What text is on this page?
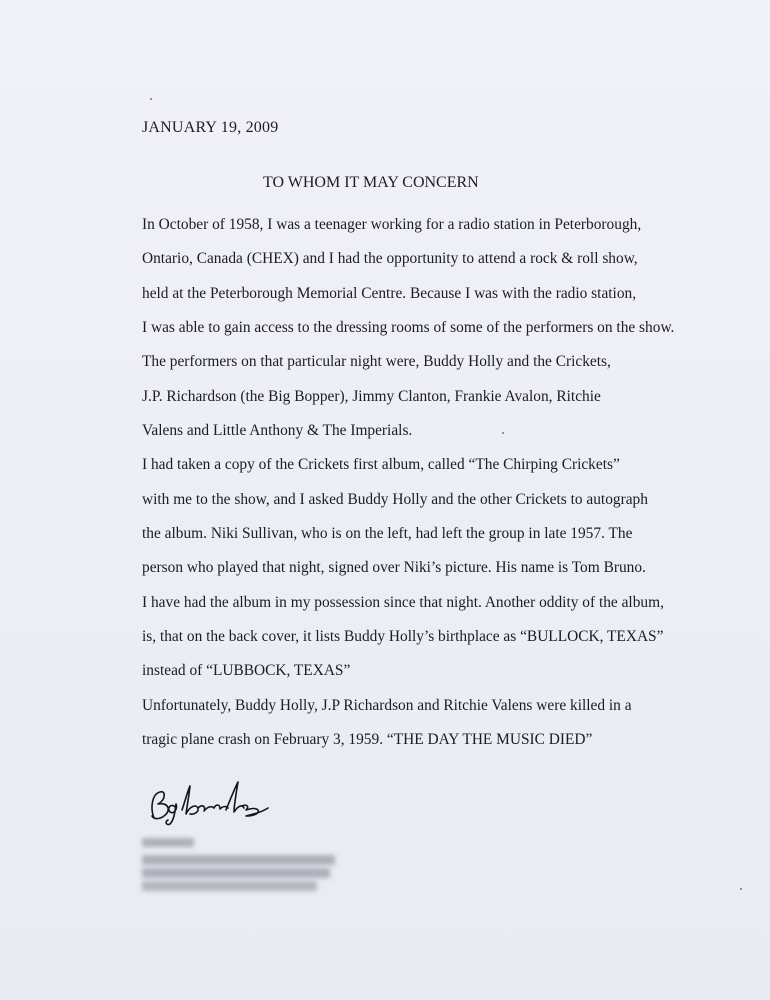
JANUARY 19, 2009
TO WHOM IT MAY CONCERN
In October of 1958, I was a teenager working for a radio station in Peterborough,
Ontario, Canada (CHEX) and I had the opportunity to attend a rock & roll show,
held at the Peterborough Memorial Centre. Because I was with the radio station,
I was able to gain access to the dressing rooms of some of the performers on the show.
The performers on that particular night were, Buddy Holly and the Crickets,
J.P. Richardson (the Big Bopper), Jimmy Clanton, Frankie Avalon, Ritchie
Valens and Little Anthony & The Imperials.
I had taken a copy of the Crickets first album, called “The Chirping Crickets”
with me to the show, and I asked Buddy Holly and the other Crickets to autograph
the album. Niki Sullivan, who is on the left, had left the group in late 1957. The
person who played that night, signed over Niki’s picture. His name is Tom Bruno.
I have had the album in my possession since that night. Another oddity of the album,
is, that on the back cover, it lists Buddy Holly’s birthplace as “BULLOCK, TEXAS”
instead of “LUBBOCK, TEXAS”
Unfortunately, Buddy Holly, J.P Richardson and Ritchie Valens were killed in a
tragic plane crash on February 3, 1959. “THE DAY THE MUSIC DIED”
